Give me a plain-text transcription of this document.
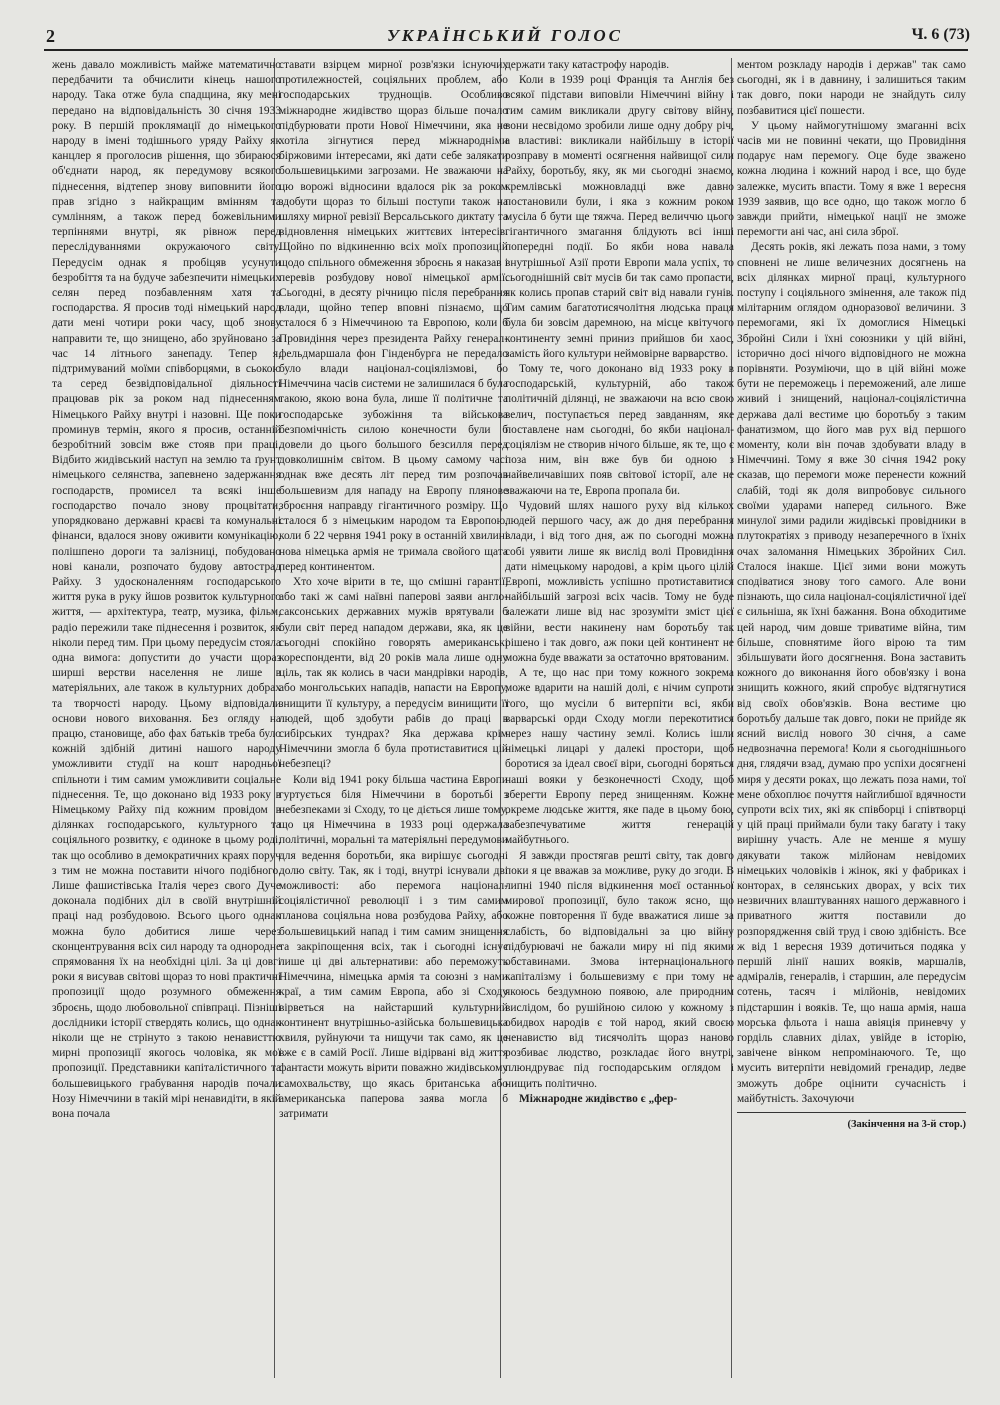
2	УКРАЇНСЬКИЙ ГОЛОС	Ч. 6 (73)

жень давало можливість майже математично передбачити та обчислити кінець нашого народу. Така отже була спадщина, яку мені передано на відповідальність 30 січня 1933 року. В першій проклямації до німецького народу в імені тодішнього уряду Райху як канцлер я проголосив рішення, що збираюся об'єднати народ, як передумову всякого піднесення, відтепер знову виповнити його прав згідно з найкращим вмінням та сумлінням, а також перед божевільними терпіннями внутрі, як рівнож перед переслідуваннями окружаючого світу. Передусім однак я пробіцяв усунути безробіття та на будуче забезпечити німецьких селян перед позбавленням хатя та господарства. Я просив тоді німецький народ дати мені чотири роки часу, щоб знову направити те, що знищено, або зруйновано за час 14 літнього занепаду. Тепер я, підтримуваний моїми співборцями, в сьокою та серед безвідповідальної діяльності працював рік за роком над піднесенням Німецького Райху внутрі і назовні. Ще поки проминув термін, якого я просив, останній безробітний зовсім вже стояв при праці. Відбито жидівський наступ на землю та ґрунт німецького селянства, запевнено задержання господарств, промисел та всякі інше господарство почало знову процвітати, упорядковано державні краєві та комунальні фінанси, вдалося знову оживити комунікацію, полішпено дороги та залізниці, побудовано нові канали, розпочато будову автострад Райху. З удосконаленням господарського життя рука в руку йшов розвиток культурного життя, — архітектура, театр, музика, фільм, радіо пережили таке піднесення і розвиток, як ніколи перед тим. При цьому передусім стояла одна вимога: допустити до участи щораз ширші верстви населення не лише в матеріяльних, але також в культурних добрах та творчості народу. Цьому відповідали основи нового виховання. Без огляду на працю, становище, або фах батьків треба було кожній здібній дитині нашого народу уможливити студії на кошт народньої спільноти і тим самим уможливити соціальне піднесення. Те, що доконано від 1933 року в Німецькому Райху під кожним провідом в ділянках господарського, культурного та соціяльного розвитку, є одиноке в цьому роді, так що особливо в демократичних краях поруч з тим не можна поставити нічого подібного. Лише фашистівська Італія через свого Дуче доконала подібних діл в своїй внутрішній праці над розбудовою. Всього цього однак можна було добитися лише через сконцентрування всіх сил народу та однородне спрямовання їх на необхідні цілі. За ці довгі роки я висував світові щораз то нові практичні пропозиції щодо розумного обмеження зброєнь, щодо любовольної співпраці. Пізніші дослідники історії ствердять колись, що однак ніколи ще не стрінуто з такою ненависттю мирні пропозиції якогось чоловіка, як мої пропозиції. Представники капіталістичного та большевицького грабування народів почали Нозу Німеччини в такій мірі ненавидіти, в якій вона почала

ставати взірцем мирної розв'язки існуючих протилежностей, соціяльних проблем, або господарських труднощів. Особливо міжнародне жидівство щораз більше почало підбурювати проти Нової Німеччини, яка не хотіла зігнутися перед міжнародніми біржовими інтересами, які дати себе залякати большевицькими загрозами. Не зважаючи на цю ворожі відносини вдалося рік за роком здобути щораз то більші поступи також на шляху мирної ревізії Версальського диктату та відновлення німецьких життєвих інтересів. Щойно по відкиненню всіх моїх пропозицій щодо спільного обмеження зброєнь я наказав і перевів розбудову нової німецької армії. Сьогодні, в десяту річницю після перебрання влади, щойно тепер вповні пізнаємо, що сталося б з Німеччиною та Европою, коли б Провидіння через президента Райху генерал-фельдмаршала фон Гінденбурга не передало було влади націонал-соціялізмові, бо Німеччина часів системи не залишилася б була такою, якою вона була, лише її політичне та господарське зубожіння та військова безпомічність силою конечности були б довели до цього большого безсилля перед довколишнім світом. В цьому самому часі однак вже десять літ перед тим розпочав большевизм для нападу на Европу плянове зброєння направду гігантичного розміру. Що сталося б з німецьким народом та Европою, коли б 22 червня 1941 року в останній хвилині нова німецька армія не тримала свойого щата перед континентом.

Хто хоче вірити в те, що смішні гарантії, або такі ж самі наївні паперові заяви англо-саксонських державних мужів врятували б були світ перед нападом держави, яка, як це сьогодні спокійно говорять американські кореспонденти, від 20 років мала лише одну ціль, так як колись в часи мандрівки народів, або монгольських нападів, напасти на Европу, знищити її культуру, а передусім винищити її людей, щоб здобути рабів до праці в сибірських тундрах? Яка держава крім Німеччини змогла б була протиставитися цій небезпеці?

Коли від 1941 року більша частина Европи гуртується біля Німеччини в боротьбі з небезпеками зі Сходу, то це діється лише тому, що ця Німеччина в 1933 році одержала політичні, моральні та матеріяльні передумови для ведення боротьби, яка вирішує сьогодні долю світу. Так, як і тоді, внутрі існували дві можливості: або перемога націонал-соціялістичної революції і з тим самим планова соціяльна нова розбудова Райху, або большевицький напад і тим самим знищення та закріпощення всіх, так і сьогодні існує лише ці дві альтернативи: або переможуть Німеччина, німецька армія та союзні з нами краї, а тим самим Европа, або зі Сходу вірветься на найстарший культурний континент внутрішньо-азійська большевицька хвиля, руйнуючи та нищучи так само, як це вже є в самій Росії. Лише відірвані від життя фантасти можуть вірити поважно жидівському самохвальству, що якась британська або американська паперова заява могла б затримати

держати таку катастрофу народів.

Коли в 1939 році Франція та Англія без всякої підстави виповіли Німеччині війну і тим самим викликали другу світову війну, вони несвідомо зробили лише одну добру річ, а властиві: викликали найбільшу в історії розправу в моменті осягнення найвищої сили Райху, боротьбу, яку, як ми сьогодні знаємо, кремлівські можновладці вже давно постановили були, і яка з кожним роком мусіла б бути ще тяжча. Перед величчю цього гігантичного змагання блідують всі інші попередні події. Бо якби нова навала внутрішньої Азії проти Европи мала успіх, то сьогоднішній світ мусів би так само пропасти, як колись пропав старий світ від навали гунів. Тим самим багатотисячолітня людська праця була би зовсім даремною, на місце квітучого континенту земні приниз прийшов би хаос, замість його культури неймовірне варварство.

Тому те, чого доконано від 1933 року в господарській, культурній, або також політичній ділянці, не зважаючи на всю свою велич, поступається перед завданням, яке поставлене нам сьогодні, бо якби націонал-соціялізм не створив нічого більше, як те, що є поза ним, він вже був би одною з найвеличавіших появ світової історії, але не зважаючи на те, Европа пропала би.

Чудовий шлях нашого руху від кількох людей першого часу, аж до дня перебрання влади, і від того дня, аж по сьогодні можна собі уявити лише як вислід волі Провидіння дати німецькому народові, а крім цього цілій Европі, можливість успішно протиставитися найбільшій загрозі всіх часів. Тому не буде залежати лише від нас зрозуміти зміст цієї війни, вести накинену нам боротьбу так рішено і так довго, аж поки цей континент не можна буде вважати за остаточно врятованим.

А те, що нас при тому кожного зокрема може вдарити на нашій долі, є нічим супроти того, що мусіли б витерпіти всі, якби варварські орди Сходу могли перекотитися через нашу частину землі. Колись ішли німецькі лицарі у далекі простори, щоб боротися за ідеал своєї віри, сьогодні боряться наші вояки у безконечності Сходу, щоб зберегти Европу перед знищенням. Кожне окреме людське життя, яке паде в цьому бою, забезпечуватиме життя генерацій майбутнього.

Я завжди простягав решті світу, так довго поки я це вважав за можливе, руку до згоди. В липні 1940 після відкинення моєї останньої мирової пропозиції, було також ясно, що кожне повторення її буде вважатися лише за слабість, бо відповідальні за цю війну підбурювачі не бажали миру ні під якими обставинами. Змова інтернаціонального капіталізму і большевизму є при тому не якоюсь бездумною появою, але природним вислідом, бо рушійною силою у кожному з обидвох народів є той народ, який своєю ненавистю від тисячоліть щораз наново розбиває людство, розкладає його внутрі, плюндруває під господарським оглядом і нищить політично.

Міжнародне жидівство є „фер-

ментом розкладу народів і держав" так само сьогодні, як і в давнину, і залишиться таким так довго, поки народи не знайдуть силу позбавитися цієї пошести.

У цьому наймогутнішому змаганні всіх часів ми не повинні чекати, що Провидіння подарує нам перемогу. Оце буде зважено кожна людина і кожний народ і все, що буде залежке, мусить впасти. Тому я вже 1 вересня 1939 заявив, що все одно, що також могло б завжди прийти, німецької нації не зможе перемогти ані час, ані сила зброї.

Десять років, які лежать поза нами, з тому сповнені не лише величезних досягнень на всіх ділянках мирної праці, культурного поступу і соціяльного змінення, але також під мілітарним оглядом одноразової величини. З перемогами, які їх домоглися Німецькі Збройні Сили і їхні союзники у цій війні, історично досі нічого відповідного не можна порівняти. Розуміючи, що в цій війні може бути не переможець і переможений, але лише живий і знищений, націонал-соціялістична держава далі вестиме цю боротьбу з таким фанатизмом, що його мав рух від першого моменту, коли він почав здобувати владу в Німеччині. Тому я вже 30 січня 1942 року сказав, що перемоги може перенести кожний слабій, тоді як доля випробовує сильного своїми ударами наперед сильного. Вже минулої зими радили жидівські провідники в плутократіях з приводу незаперечного в їхніх очах заломання Німецьких Збройних Сил. Сталося інакше. Цієї зими вони можуть сподіватися знову того самого. Але вони пізнають, що сила націонал-соціялістичної ідеї є сильніша, як їхні бажання. Вона обходитиме цей народ, чим довше триватиме війна, тим більше, сповнятиме його вірою та тим збільшувати його досягнення. Вона заставить кожного до виконання його обов'язку і вона знищить кожного, який спробує відтягнутися від своїх обов'язків. Вона вестиме цю боротьбу дальше так довго, поки не прийде як ясний вислід нового 30 січня, а саме недвозначна перемога! Коли я сьогоднішнього дня, глядячи взад, думаю про успіхи досягнені миря у десяти роках, що лежать поза нами, тої мене обхоплює почуття найглибшої вдячности супроти всіх тих, які як співборці і співтворці у цій праці приймали були таку багату і таку вирішну участь. Але не менше я мушу дякувати також мілйонам невідомих німецьких чоловіків і жінок, які у фабриках і конторах, в селянських дворах, у всіх тих незвичних влаштуваннях нашого державного і приватного життя поставили до розпорядження свій труд і свою здібність. Все ж від 1 вересня 1939 дотичиться подяка у першій лінії наших вояків, маршалів, адміралів, генералів, і старшин, але передусім сотень, тасяч і мілйонів, невідомих підстаршин і вояків. Те, що наша армія, наша морська фльота і наша авіяція приневчу у горділь славних ділах, увійде в історію, завічене вінком непромінаючого. Те, що мусить витерпіти невідомий гренадир, ледве зможуть добре оцінити сучасність і майбутність. Захочуючи

(Закінчення на 3-й стор.)
